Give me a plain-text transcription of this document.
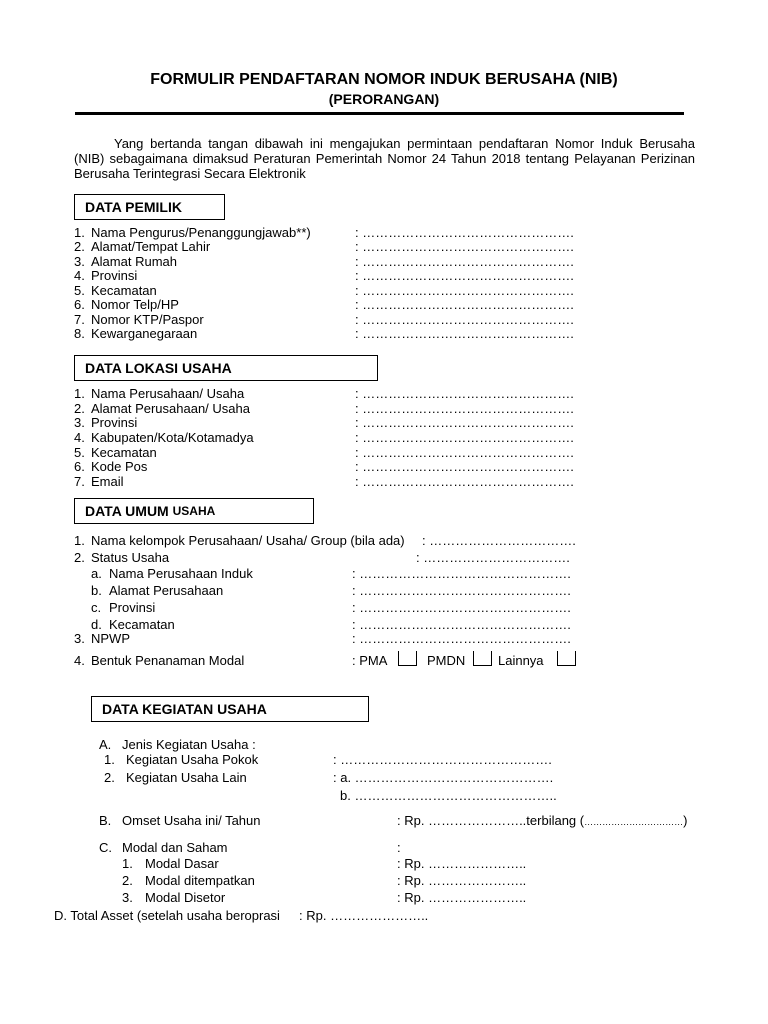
FORMULIR PENDAFTARAN NOMOR INDUK BERUSAHA (NIB)
(PERORANGAN)
Yang bertanda tangan dibawah ini mengajukan permintaan pendaftaran Nomor Induk Berusaha (NIB) sebagaimana dimaksud Peraturan Pemerintah Nomor 24 Tahun 2018 tentang Pelayanan Perizinan Berusaha Terintegrasi Secara Elektronik
DATA PEMILIK
1. Nama Pengurus/Penanggungjawab**)	: ………………………………………….
2. Alamat/Tempat Lahir	: ………………………………………….
3. Alamat Rumah	: ………………………………………….
4. Provinsi	: ………………………………………….
5. Kecamatan	: ………………………………………….
6. Nomor Telp/HP	: ………………………………………….
7. Nomor KTP/Paspor	: ………………………………………….
8. Kewarganegaraan	: ………………………………………….
DATA LOKASI USAHA
1. Nama Perusahaan/ Usaha	: ………………………………………….
2. Alamat Perusahaan/ Usaha	: ………………………………………….
3. Provinsi	: ………………………………………….
4. Kabupaten/Kota/Kotamadya	: ………………………………………….
5. Kecamatan	: ………………………………………….
6. Kode Pos	: ………………………………………….
7. Email	: ………………………………………….
DATA UMUM
USAHA
1. Nama kelompok Perusahaan/ Usaha/ Group (bila ada) : …………………………….
2. Status Usaha	: …………………………….
a. Nama Perusahaan Induk	: ………………………………………….
b. Alamat Perusahaan	: ………………………………………….
c. Provinsi	: ………………………………………….
d. Kecamatan	: ………………………………………….
3. NPWP	: ………………………………………….
4. Bentuk Penanaman Modal	: PMA	PMDN	Lainnya
DATA KEGIATAN USAHA
A. Jenis Kegiatan Usaha :
1. Kegiatan Usaha Pokok	: ………………………………………….
2. Kegiatan Usaha Lain	: a. ……………………………………….
b. ………………………………………..
B. Omset Usaha ini/ Tahun	: Rp. …………………..terbilang (……………………………)
C. Modal dan Saham	:
1. Modal Dasar	: Rp. …………………..
2. Modal ditempatkan	: Rp. …………………..
3. Modal Disetor	: Rp. …………………..
D. Total Asset (setelah usaha beroprasi : Rp. …………………..
